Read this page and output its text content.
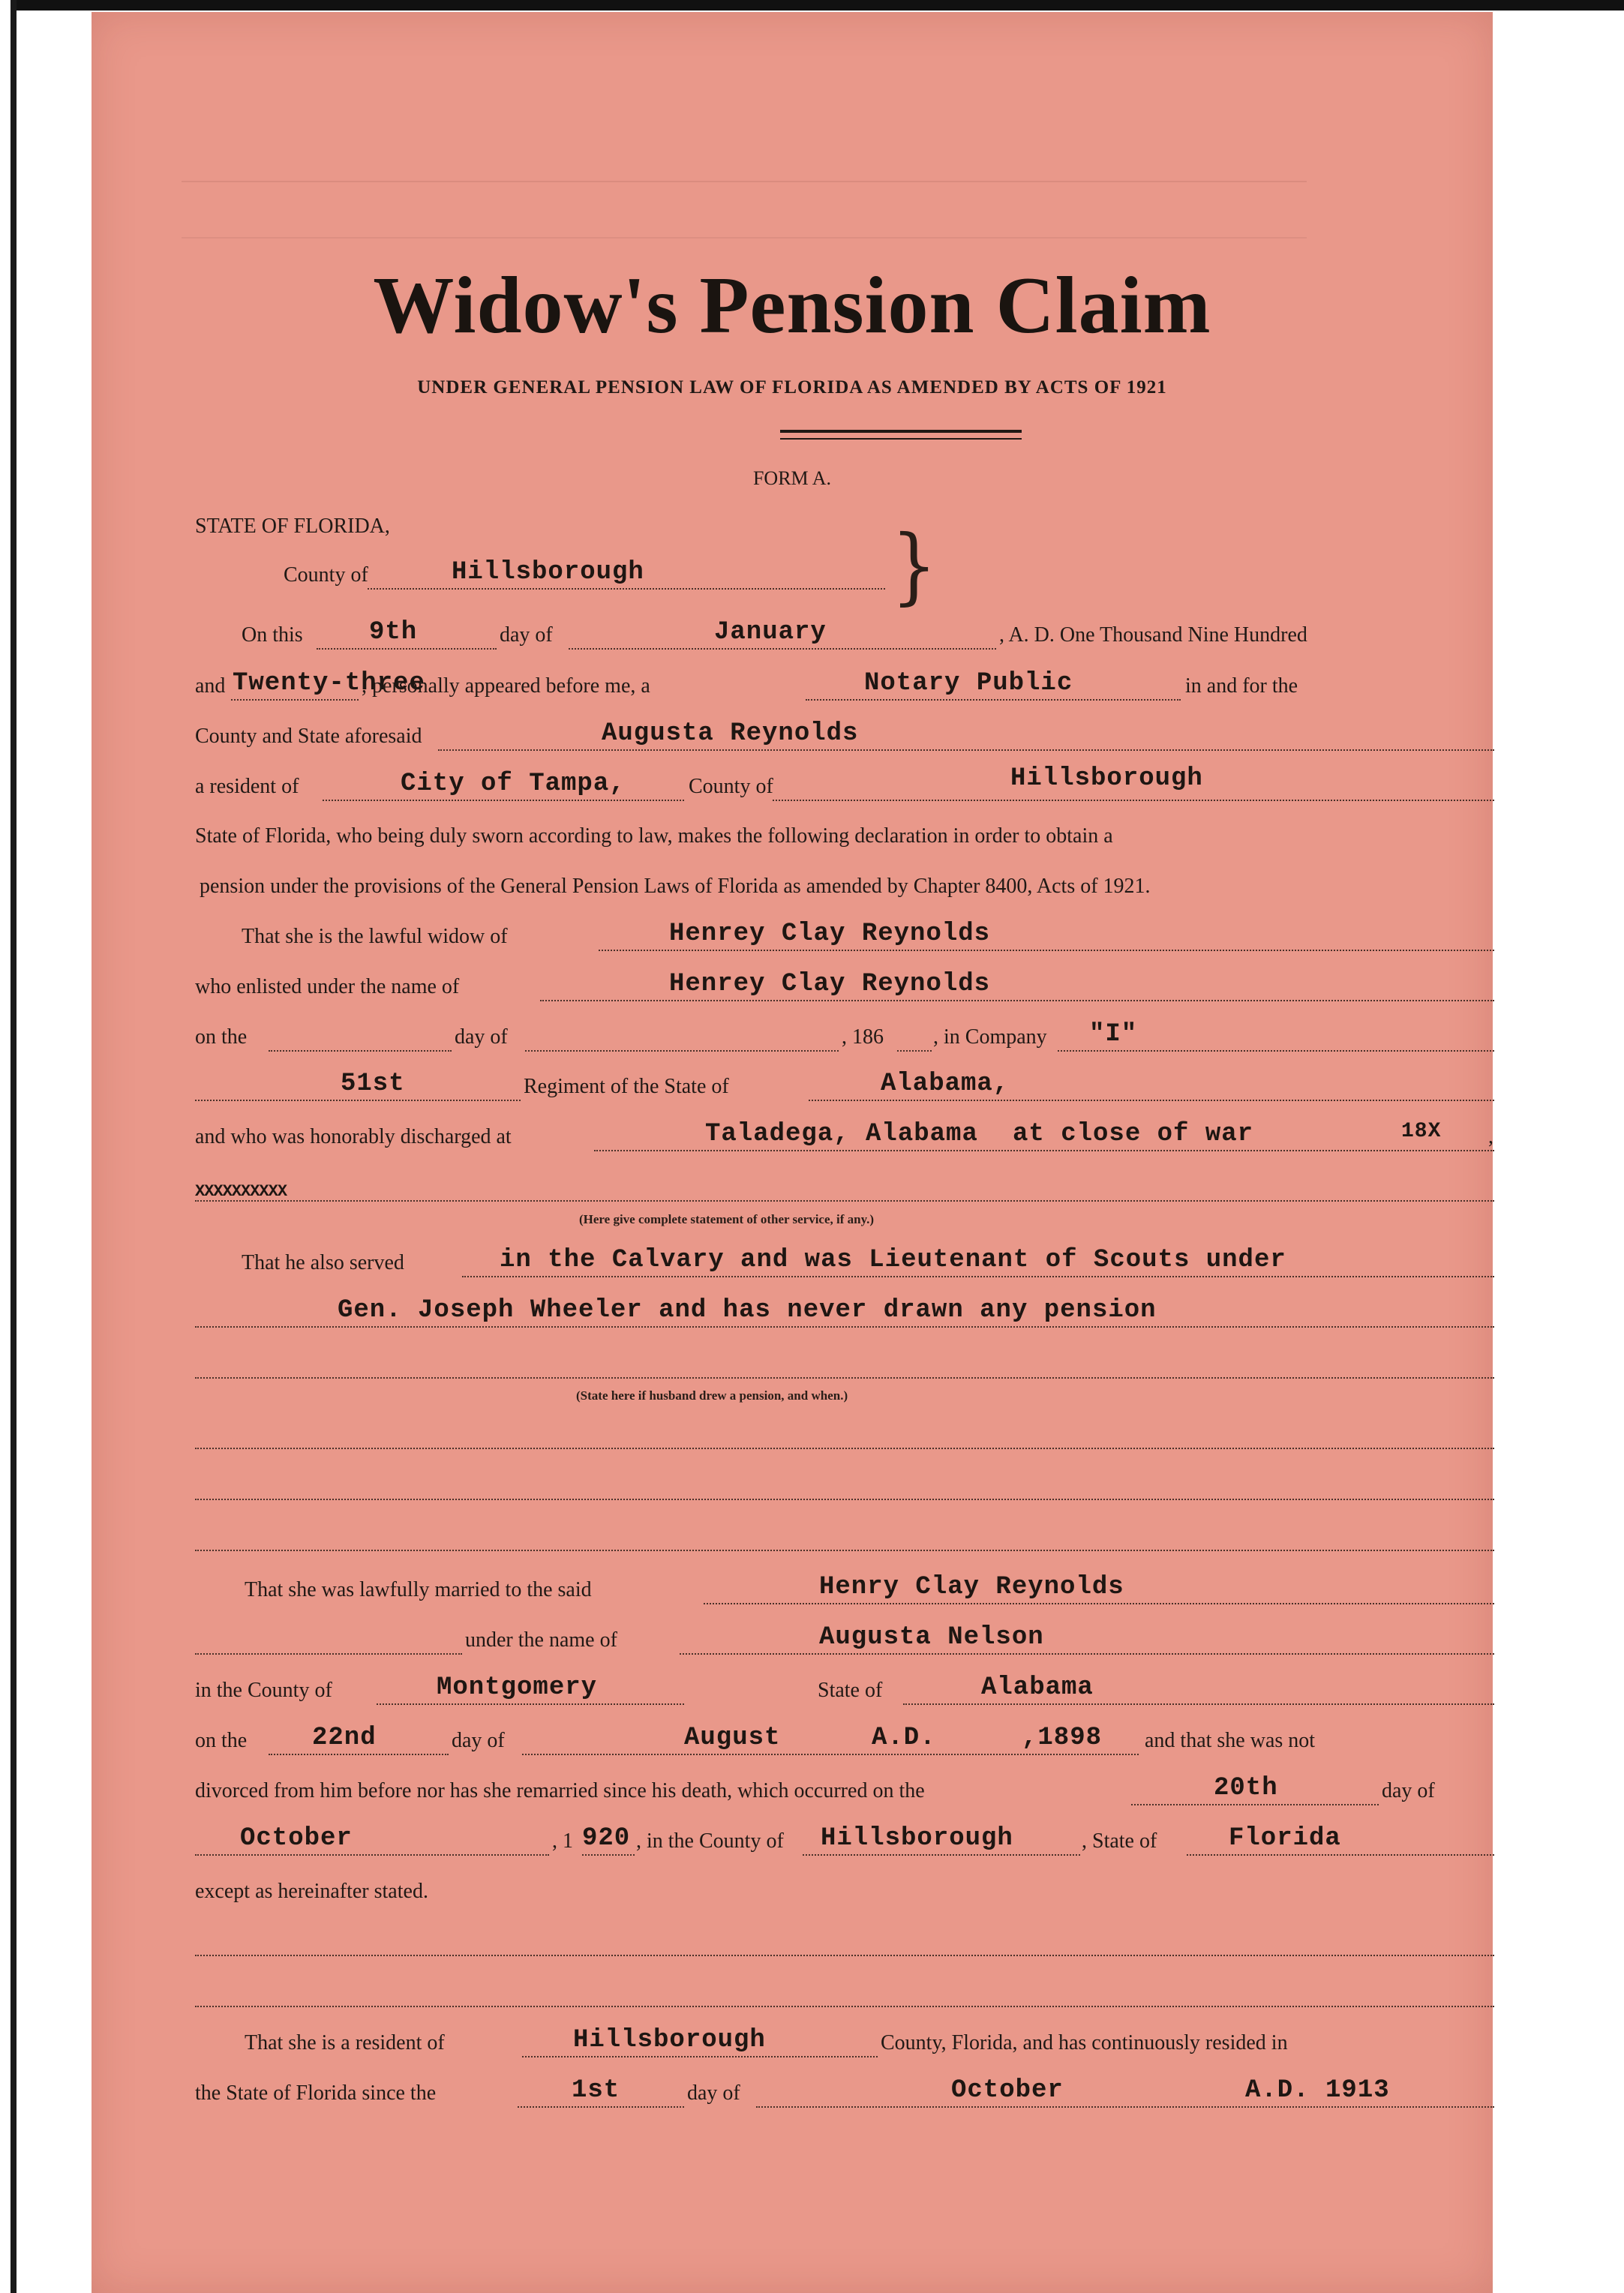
Widow's Pension Claim
UNDER GENERAL PENSION LAW OF FLORIDA AS AMENDED BY ACTS OF 1921
FORM A.
STATE OF FLORIDA,
County of	Hillsborough	}
On this	9th	day of	January	, A. D. One Thousand Nine Hundred
and Twenty-three
, personally appeared before me, a	Notary Public	in and for the
County and State aforesaid	Augusta Reynolds
a resident of	City of Tampa,	County of	Hillsborough
State of Florida, who being duly sworn according to law, makes the following declaration in order to obtain a
pension under the provisions of the General Pension Laws of Florida as amended by Chapter 8400, Acts of 1921.
That she is the lawful widow of	Henrey Clay Reynolds
who enlisted under the name of	Henrey Clay Reynolds
on the	day of	, 186 , in Company "I"
51st	Regiment of the State of	Alabama,
and who was honorably discharged at	Taladega, Alabama at close of war	18X ,
XXXXXXXXXX
(Here give complete statement of other service, if any.)
That he also served	in the Calvary and was Lieutenant of Scouts under
Gen. Joseph Wheeler and has never drawn any pension
(State here if husband drew a pension, and when.)
That she was lawfully married to the said	Henry Clay Reynolds
under the name of	Augusta Nelson
in the County of	Montgomery	State of	Alabama
on the	22nd	day of	August	A.D.	,1898 and that she was not
divorced from him before nor has she remarried since his death, which occurred on the	20th	day of
October	, 1 920 , in the County of Hillsborough	, State of	Florida
except as hereinafter stated.
That she is a resident of	Hillsborough	County, Florida, and has continuously resided in
the State of Florida since the	1st	day of	October	A.D. 1913
